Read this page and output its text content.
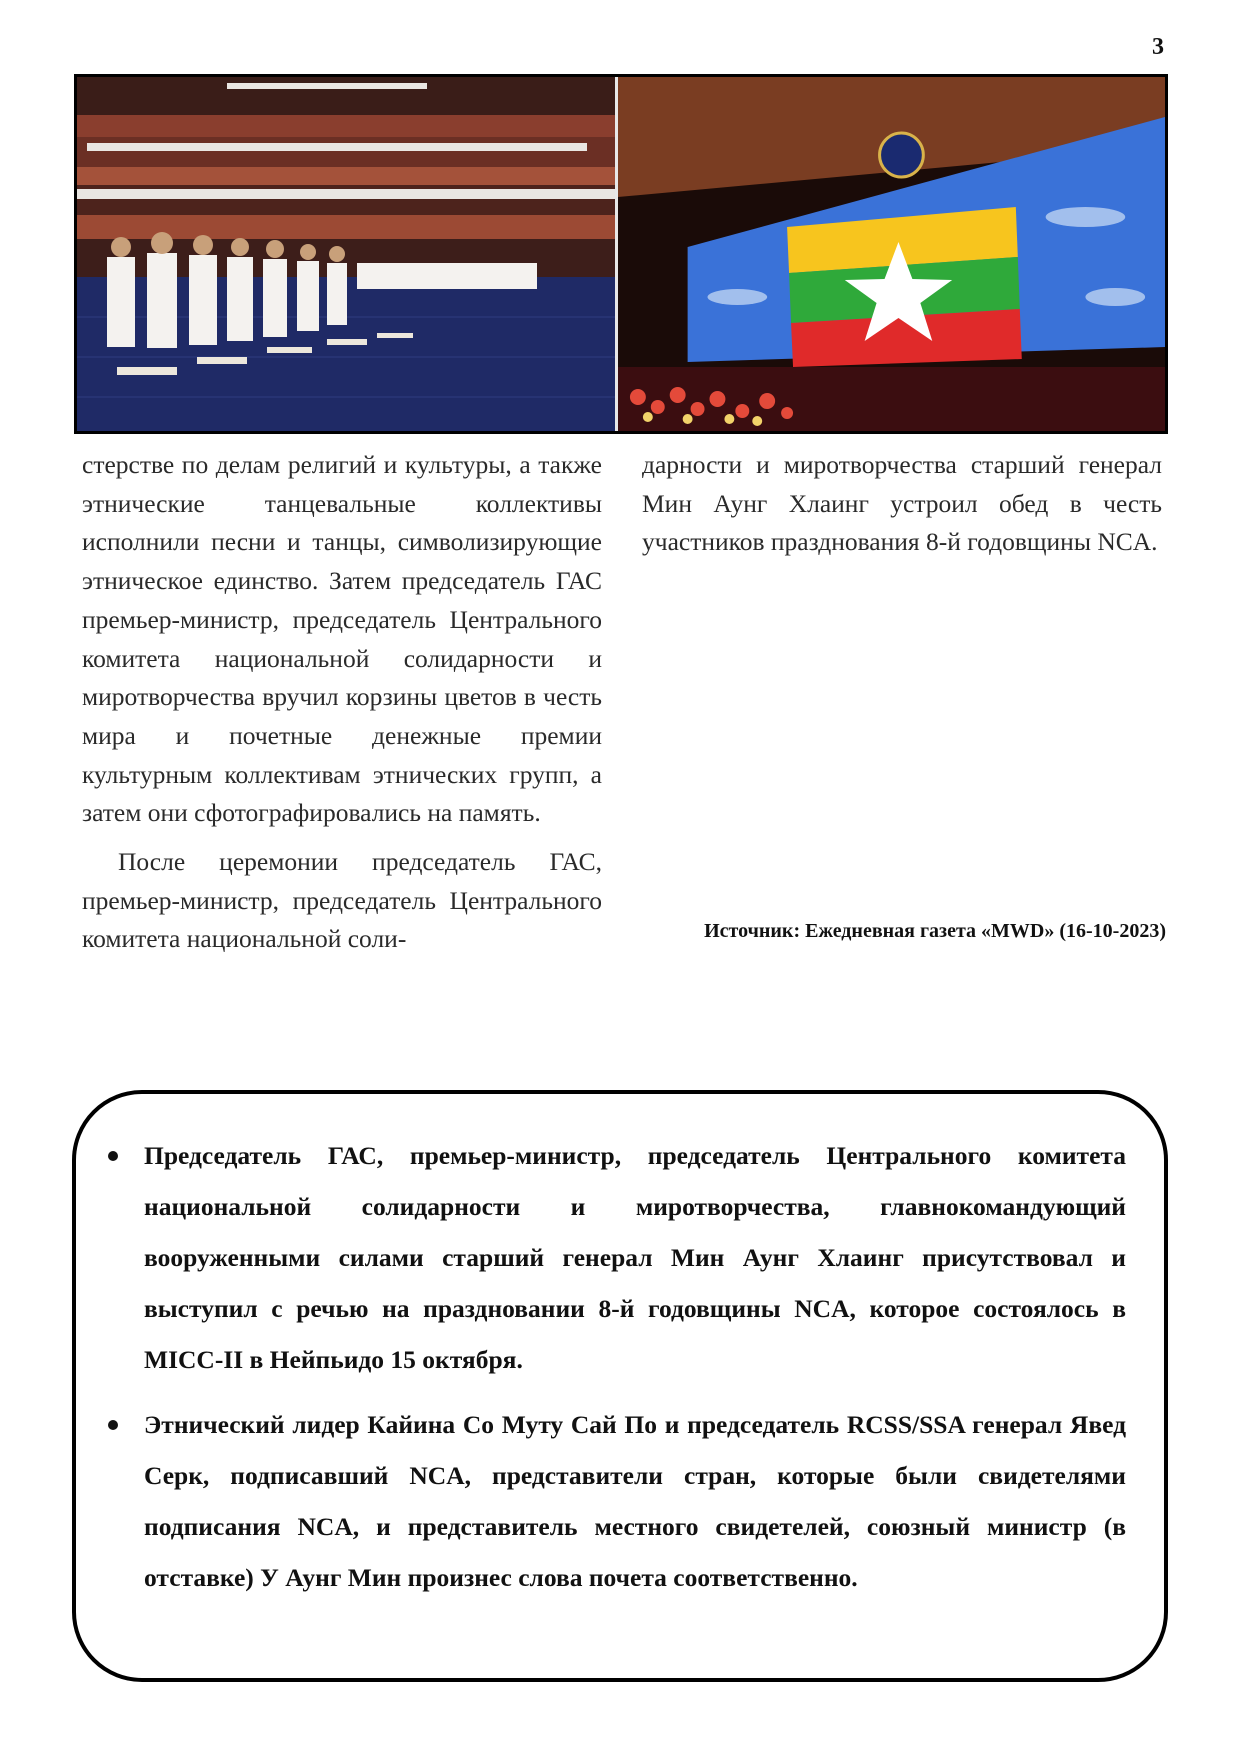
3

стерстве по делам религий и культуры, а также этнические танцевальные коллективы исполнили песни и танцы, символизирующие этническое единство. Затем председатель ГАС премьер-министр, председатель Центрального комитета национальной солидарности и миротворчества вручил корзины цветов в честь мира и почетные денежные премии культурным коллективам этнических групп, а затем они сфотографировались на память.

После церемонии председатель ГАС, премьер-министр, председатель Центрального комитета национальной соли-

дарности и миротворчества старший генерал Мин Аунг Хлаинг устроил обед в честь участников празднования 8-й годовщины NCA.

Источник: Ежедневная газета «MWD» (16-10-2023)
Председатель ГАС, премьер-министр, председатель Центрального комитета национальной солидарности и миротворчества, главнокомандующий вооруженными силами старший генерал Мин Аунг Хлаинг присутствовал и выступил с речью на праздновании 8-й годовщины NCA, которое состоялось в MICC-II в Нейпьидо 15 октября.
Этнический лидер Кайина Со Муту Сай По и председатель RCSS/SSA генерал Явед Серк, подписавший NCA, представители стран, которые были свидетелями подписания NCA, и представитель местного свидетелей, союзный министр (в отставке) У Аунг Мин произнес слова почета соответственно.
